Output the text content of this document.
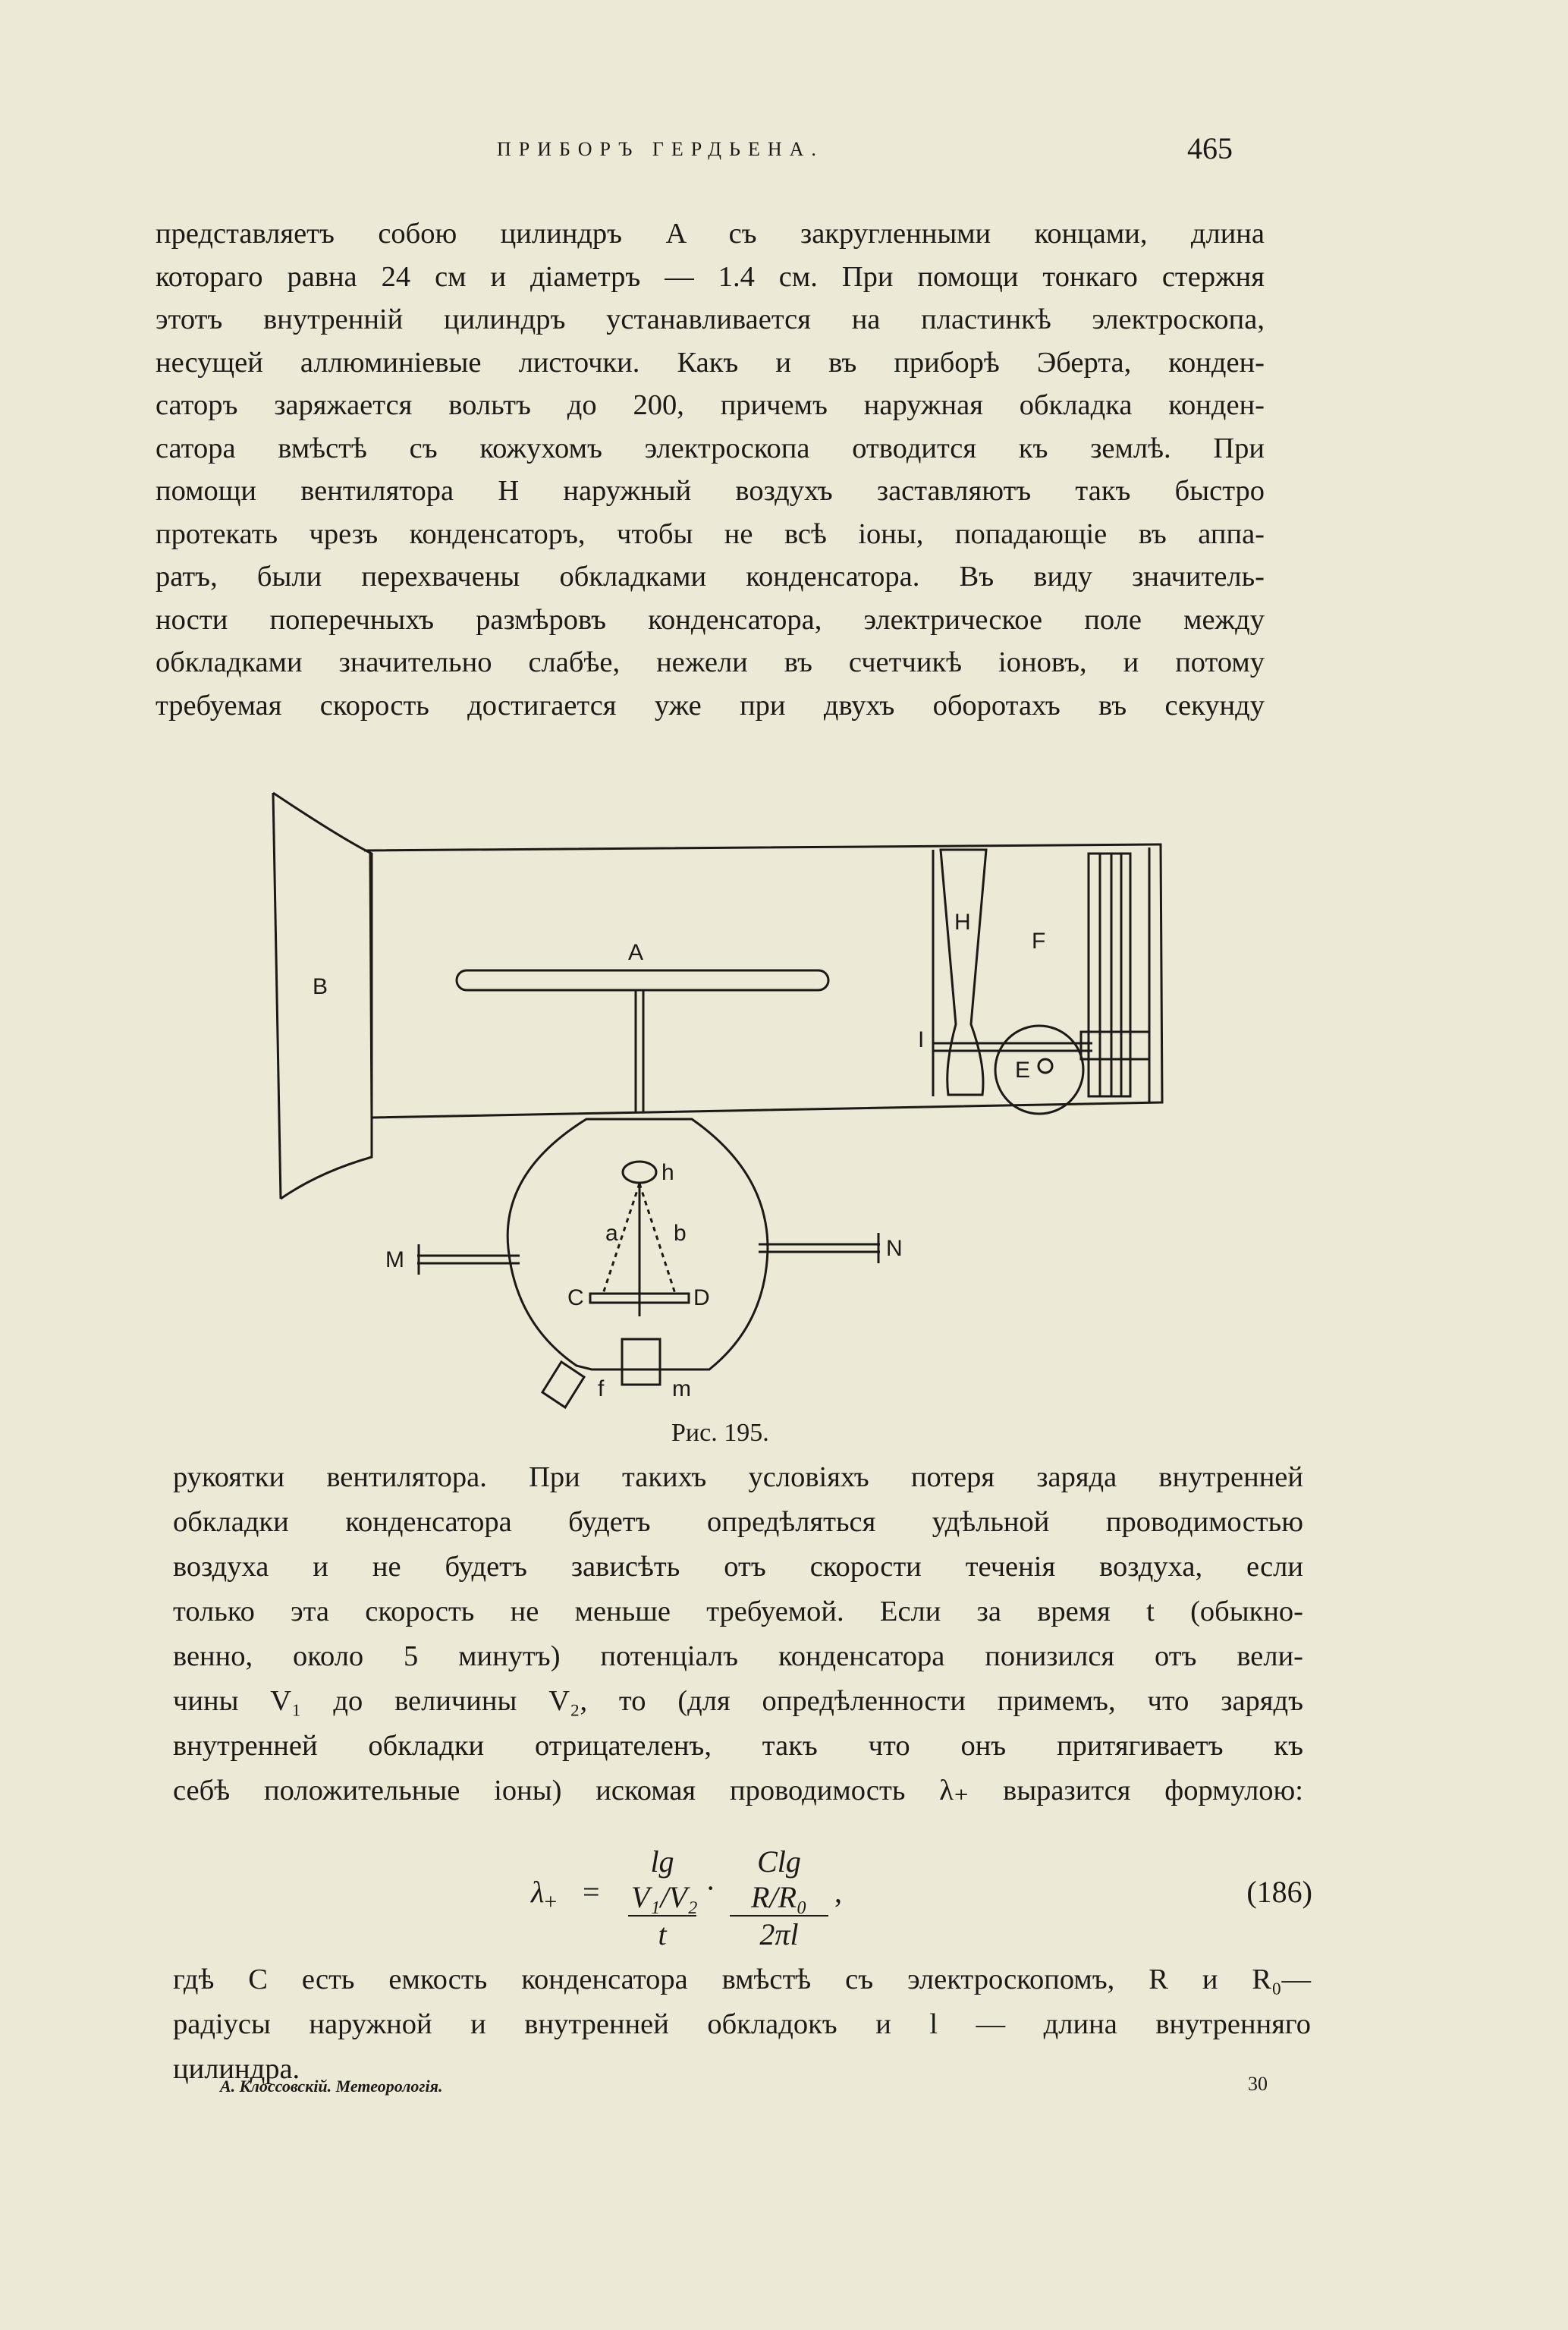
ПРИБОРЪ ГЕРДЬЕНА.	465
представляетъ собою цилиндръ A съ закругленными концами, длина
котораго равна 24 см и діаметръ — 1.4 см. При помощи тонкаго стержня
этотъ внутренній цилиндръ устанавливается на пластинкѣ электроскопа,
несущей аллюминіевые листочки. Какъ и въ приборѣ Эберта, конден-
саторъ заряжается вольтъ до 200, причемъ наружная обкладка конден-
сатора вмѣстѣ съ кожухомъ электроскопа отводится къ землѣ. При
помощи вентилятора H наружный воздухъ заставляютъ такъ быстро
протекать чрезъ конденсаторъ, чтобы не всѣ іоны, попадающіе въ аппа-
ратъ, были перехвачены обкладками конденсатора. Въ виду значитель-
ности поперечныхъ размѣровъ конденсатора, электрическое поле между
обкладками значительно слабѣе, нежели въ счетчикѣ іоновъ, и потому
требуемая скорость достигается уже при двухъ оборотахъ въ секунду
B
A
H
F
E
I
h
a b
C	D
M	N
f	m
Рис. 195.
рукоятки вентилятора. При такихъ условіяхъ потеря заряда внутренней
обкладки конденсатора будетъ опредѣляться удѣльной проводимостью
воздуха и не будетъ зависѣть отъ скорости теченія воздуха, если
только эта скорость не меньше требуемой. Если за время t (обыкно-
венно, около 5 минутъ) потенціалъ конденсатора понизился отъ вели-
чины V₁ до величины V₂, то (для опредѣленности примемъ, что зарядъ
внутренней обкладки отрицателенъ, такъ что онъ притягиваетъ къ
себѣ положительные іоны) искомая проводимость λ₊ выразится формулою:
$\lambda_+ = \frac{\text{lg V₁/V₂}}{t} \cdot \frac{\text{Clg R/R₀}}{2\pi l}$ ,	(186)
гдѣ C есть емкость конденсатора вмѣстѣ съ электроскопомъ, R и R₀—
радіусы наружной и внутренней обкладокъ и l — длина внутренняго
цилиндра.
А. Клоссовскій. Метеорологія.	30
